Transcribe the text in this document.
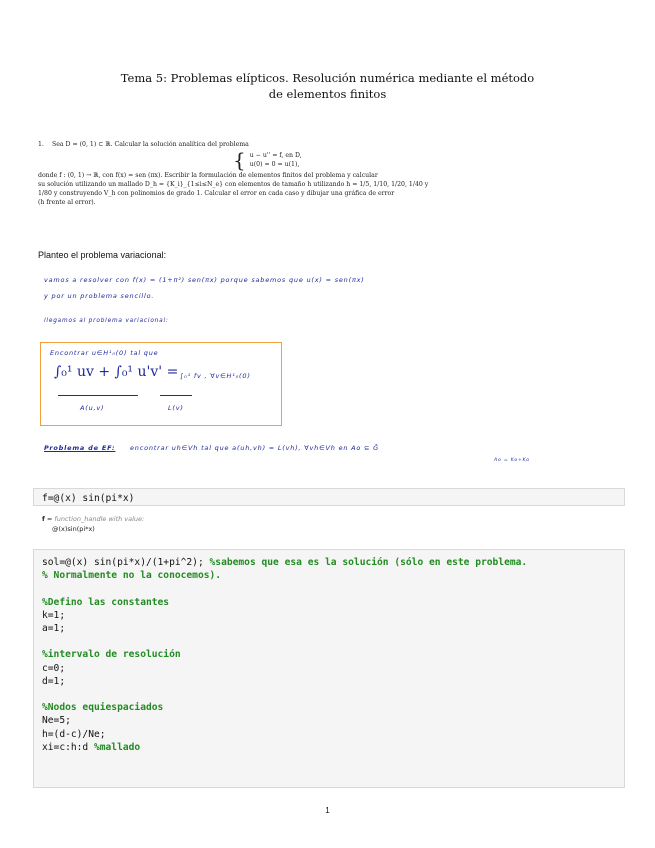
Tema 5: Problemas elípticos. Resolución numérica mediante el método
de elementos finitos
1. Sea D = (0, 1) ⊂ ℝ. Calcular la solución analítica del problema
{ u − u'' = f, en D,
u(0) = 0 = u(1),
donde f : (0, 1) → ℝ, con f(x) = sen (πx). Escribir la formulación de elementos finitos del problema y calcular
su solución utilizando un mallado D_h = {K_i}_{1≤i≤N_e} con elementos de tamaño h utilizando h = 1/5, 1/10, 1/20, 1/40 y
1/80 y construyendo V_h con polinomios de grado 1. Calcular el error en cada caso y dibujar una gráfica de error
(h frente al error).
Planteo el problema variacional:
vamos a resolver con f(x) = (1+π²) sen(πx) porque sabemos que u(x) = sen(πx)
y por un problema sencillo.
llegamos al problema variacional:
Encontrar u∈H¹₀(0) tal que
∫₀¹ uv + ∫₀¹ u'v' = ∫₀¹ fv , ∀v∈H¹₀(0)
A(u,v)	L(v)
Problema de EF: encontrar uh∈Vh tal que a(uh,vh) = L(vh), ∀vh∈Vh en Ao ⊆ Ĝ
Ao = Ko+Ko
f=@(x) sin(pi*x)
f = function_handle with value:
@(x)sin(pi*x)
sol=@(x) sin(pi*x)/(1+pi^2); %sabemos que esa es la solución (sólo en este problema.
% Normalmente no la conocemos).

%Defino las constantes
k=1;
a=1;

%intervalo de resolución
c=0;
d=1;

%Nodos equiespaciados
Ne=5;
h=(d-c)/Ne;
xi=c:h:d %mallado
1
